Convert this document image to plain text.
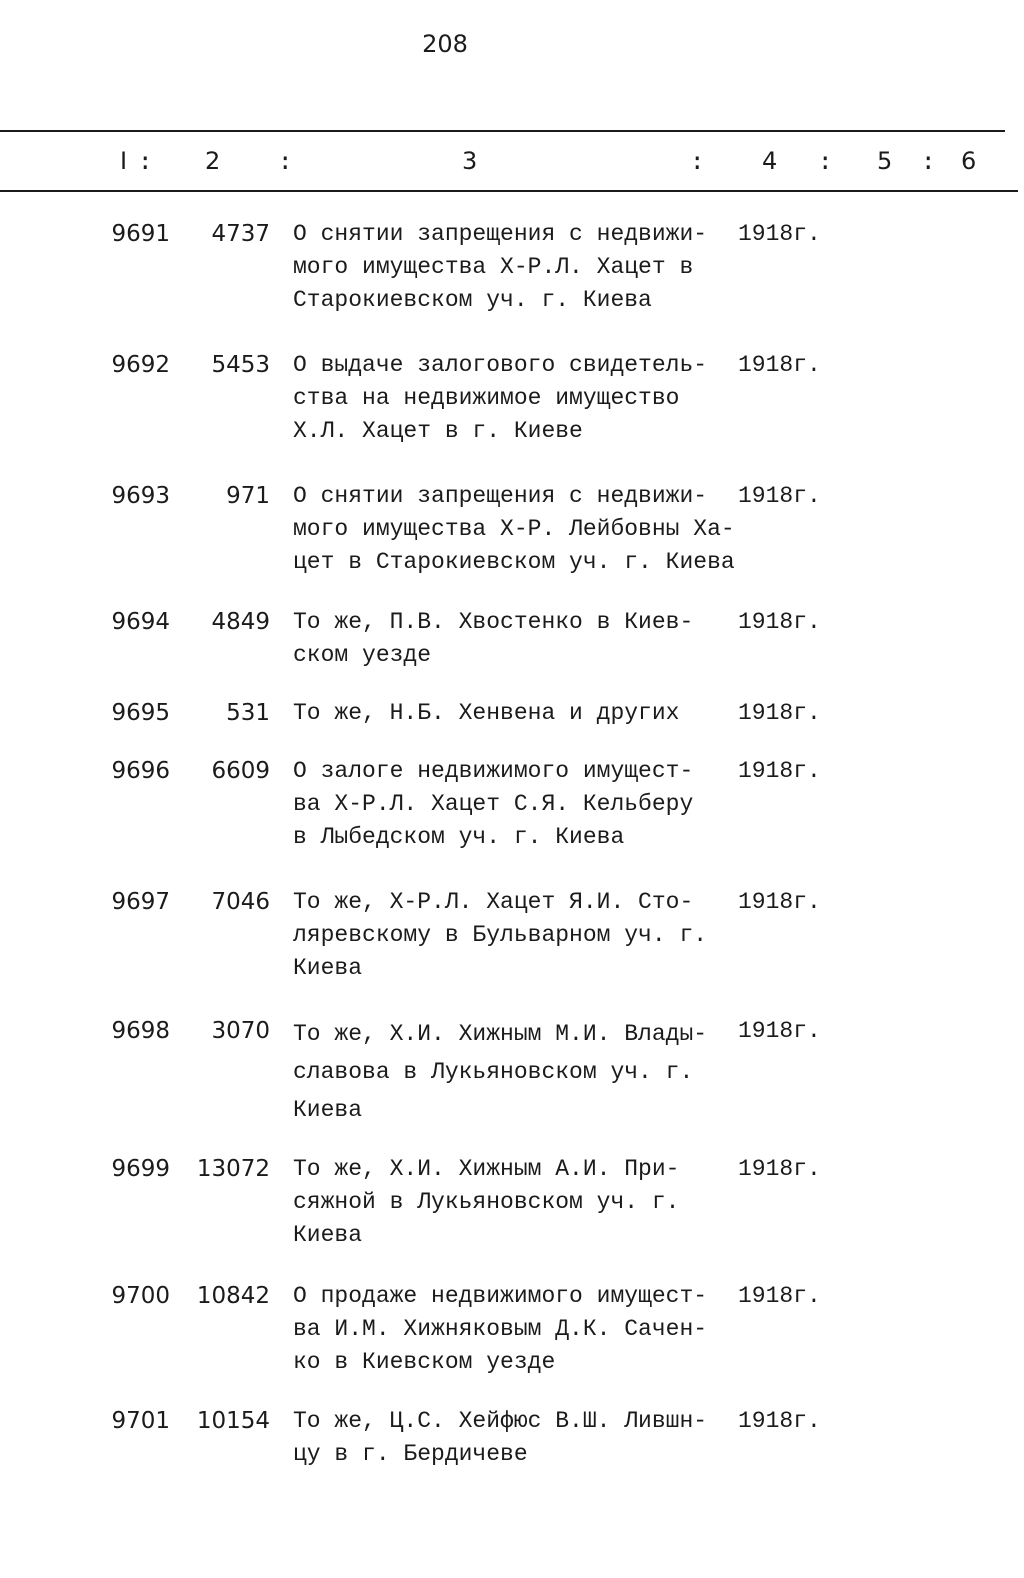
208
I : 2 :	3	: 4 : 5 : 6
9691	4737 О снятии запрещения с недвижи-
мого имущества Х-Р.Л. Хацет в
Старокиевском уч. г. Киева
1918г.
9692	5453 О выдаче залогового свидетель-
ства на недвижимое имущество
Х.Л. Хацет в г. Киеве
1918г.
9693	971 О снятии запрещения с недвижи-
мого имущества Х-Р. Лейбовны Ха-
цет в Старокиевском уч. г. Киева
1918г.
9694	4849 То же, П.В. Хвостенко в Киев-
ском уезде
1918г.
9695	531 То же, Н.Б. Хенвена и других	1918г.
9696	6609 О залоге недвижимого имущест-
ва Х-Р.Л. Хацет С.Я. Кельберу
в Лыбедском уч. г. Киева
1918г.
9697	7046 То же, Х-Р.Л. Хацет Я.И. Сто-
ляревскому в Бульварном уч. г.
Киева
1918г.
9698	3070 То же, Х.И. Хижным М.И. Влады-
славова в Лукьяновском уч. г.
Киева
1918г.
9699 13072 То же, Х.И. Хижным А.И. При-
сяжной в Лукьяновском уч. г.
Киева
1918г.
9700 10842 О продаже недвижимого имущест-
ва И.М. Хижняковым Д.К. Сачен-
ко в Киевском уезде
1918г.
9701 10154 То же, Ц.С. Хейфюс В.Ш. Лившн-
цу в г. Бердичеве
1918г.
